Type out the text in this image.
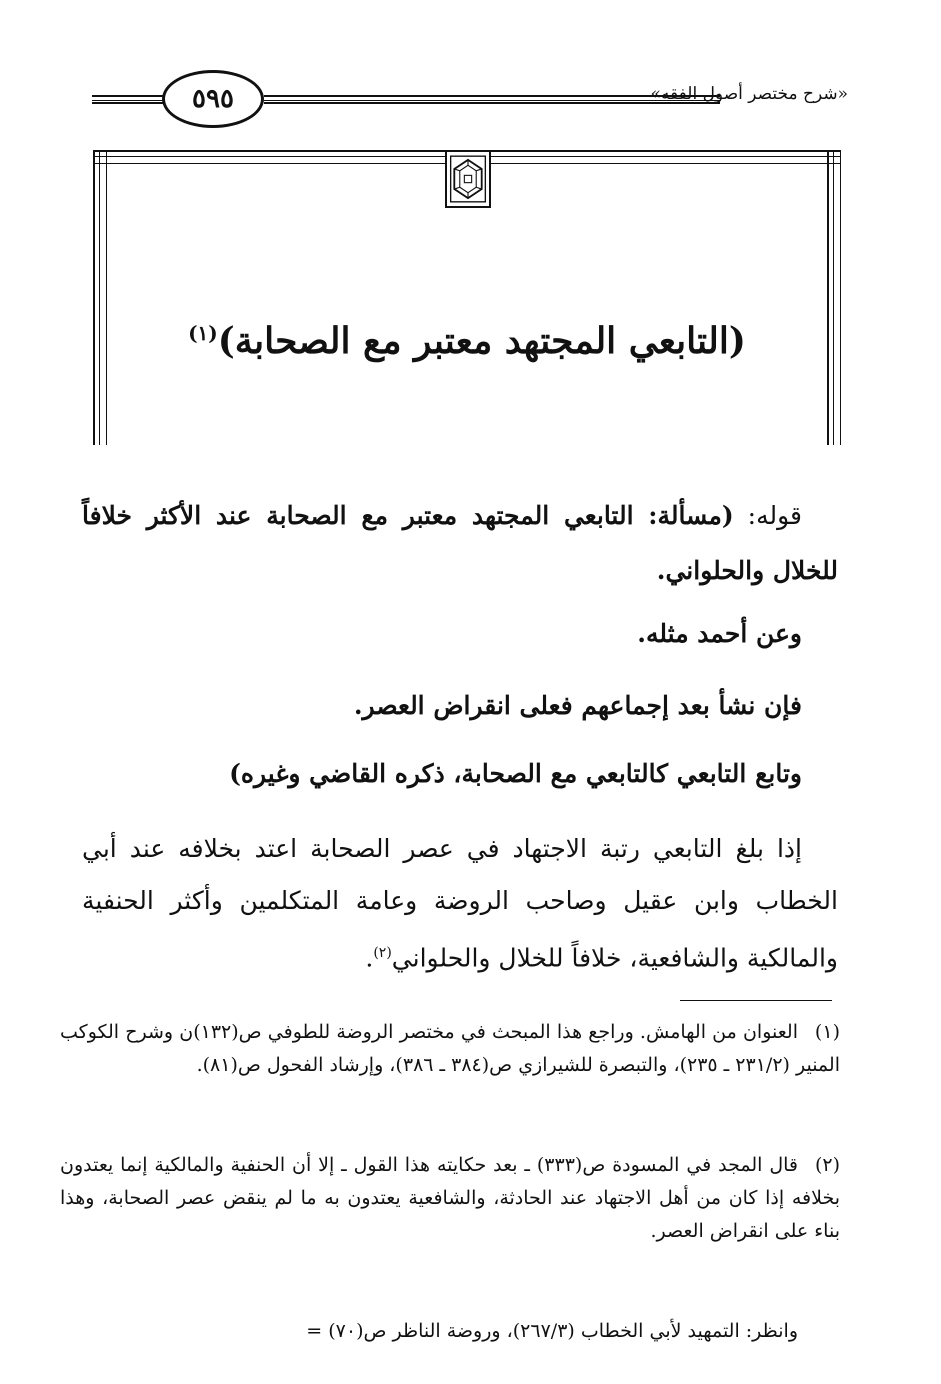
٥٩٥	«شرح مختصر أصول الفقه»
(التابعي المجتهد معتبر مع الصحابة)$^{(١)}$
قوله: (مسألة: التابعي المجتهد معتبر مع الصحابة عند الأكثر خلافاً للخلال والحلواني.
وعن أحمد مثله.
فإن نشأ بعد إجماعهم فعلى انقراض العصر.
وتابع التابعي كالتابعي مع الصحابة، ذكره القاضي وغيره)
إذا بلغ التابعي رتبة الاجتهاد في عصر الصحابة اعتد بخلافه عند أبي الخطاب وابن عقيل وصاحب الروضة وعامة المتكلمين وأكثر الحنفية والمالكية والشافعية، خلافاً للخلال والحلواني$^{(٢)}$.
(١)العنوان من الهامش. وراجع هذا المبحث في مختصر الروضة للطوفي ص(١٣٢)ن وشرح الكوكب المنير (٢٣١/٢ ـ ٢٣٥)، والتبصرة للشيرازي ص(٣٨٤ ـ ٣٨٦)، وإرشاد الفحول ص(٨١).
(٢)قال المجد في المسودة ص(٣٣٣) ـ بعد حكايته هذا القول ـ إلا أن الحنفية والمالكية إنما يعتدون بخلافه إذا كان من أهل الاجتهاد عند الحادثة، والشافعية يعتدون به ما لم ينقض عصر الصحابة، وهذا بناء على انقراض العصر.
وانظر: التمهيد لأبي الخطاب (٢٦٧/٣)، وروضة الناظر ص(٧٠) =
